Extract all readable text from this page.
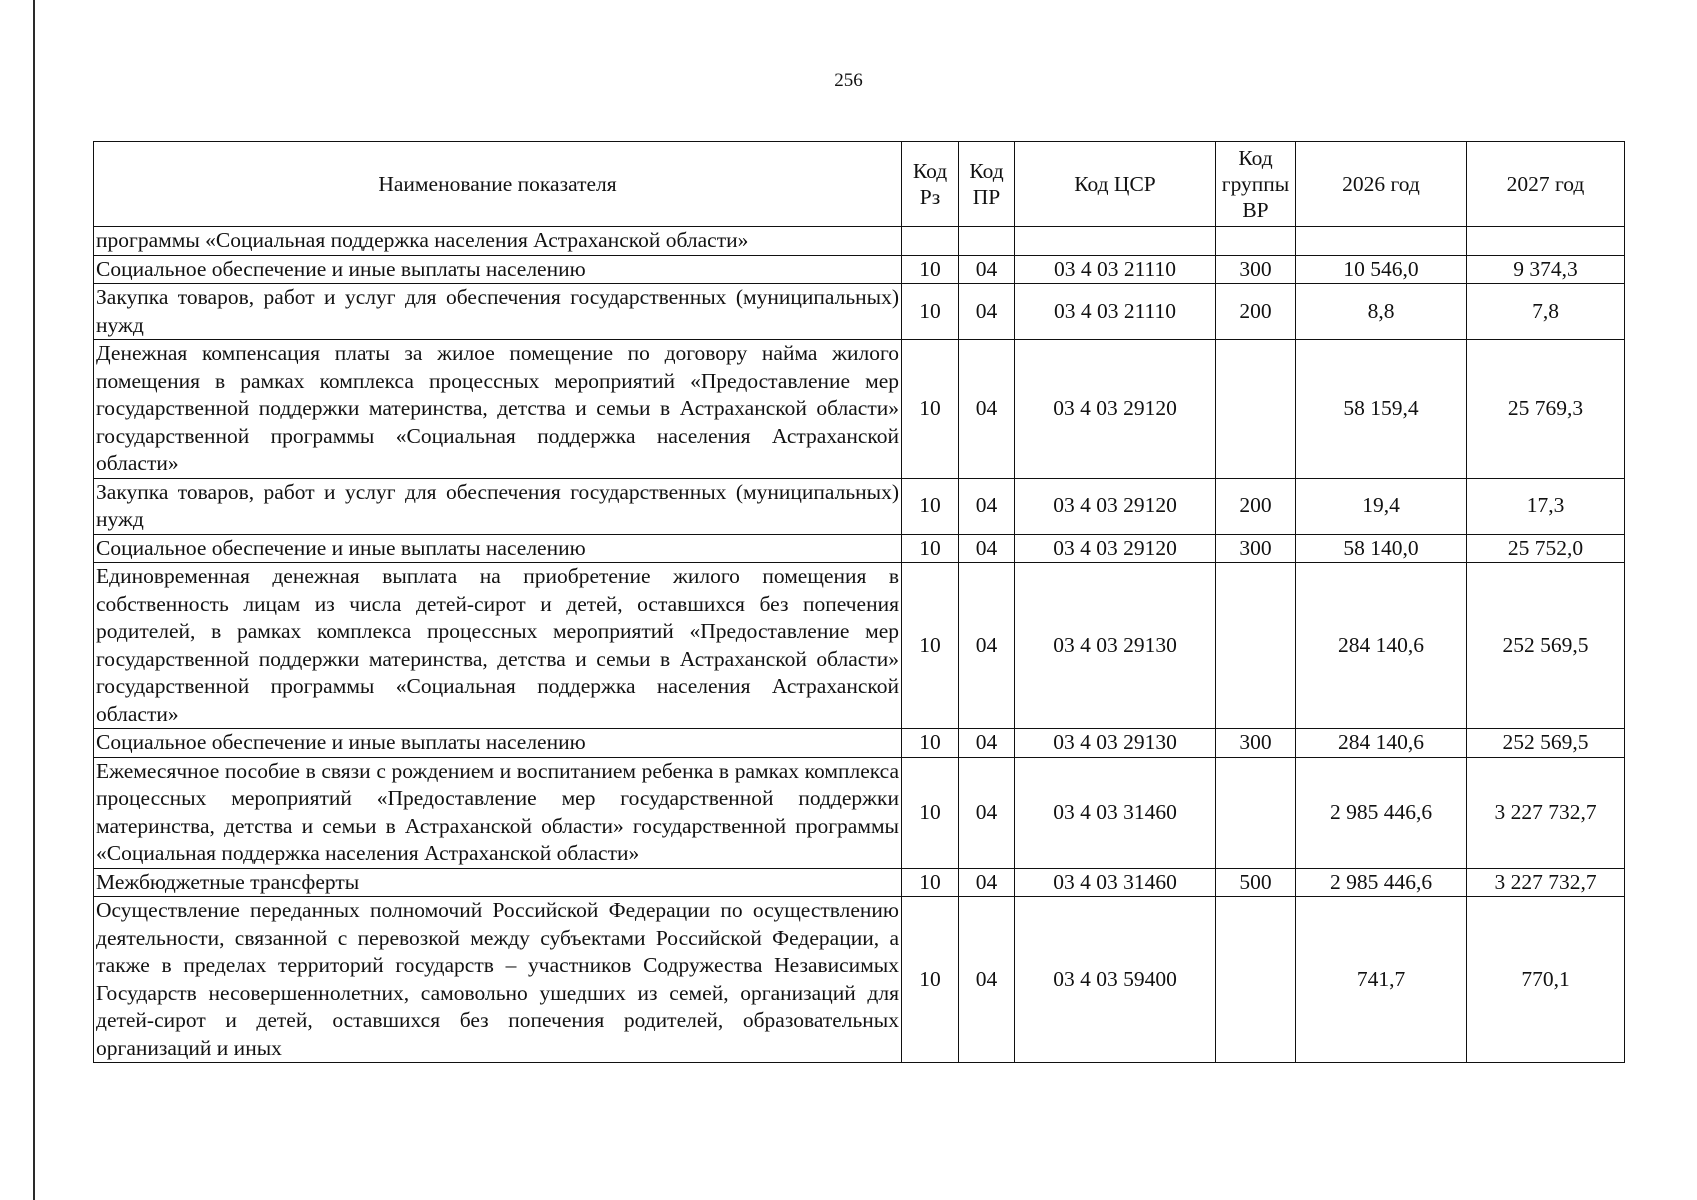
256
Наименование показателя	Код Рз	Код ПР	Код ЦСР	Код группы ВР	2026 год	2027 год
программы «Социальная поддержка населения Астраханской области»						
Социальное обеспечение и иные выплаты населению	10	04	03 4 03 21110	300	10 546,0	9 374,3
Закупка товаров, работ и услуг для обеспечения государственных (муниципальных) нужд	10	04	03 4 03 21110	200	8,8	7,8
Денежная компенсация платы за жилое помещение по договору найма жилого помещения в рамках комплекса процессных мероприятий «Предоставление мер государственной поддержки материнства, детства и семьи в Астраханской области» государственной программы «Социальная поддержка населения Астраханской области»	10	04	03 4 03 29120		58 159,4	25 769,3
Закупка товаров, работ и услуг для обеспечения государственных (муниципальных) нужд	10	04	03 4 03 29120	200	19,4	17,3
Социальное обеспечение и иные выплаты населению	10	04	03 4 03 29120	300	58 140,0	25 752,0
Единовременная денежная выплата на приобретение жилого помещения в собственность лицам из числа детей-сирот и детей, оставшихся без попечения родителей, в рамках комплекса процессных мероприятий «Предоставление мер государственной поддержки материнства, детства и семьи в Астраханской области» государственной программы «Социальная поддержка населения Астраханской области»	10	04	03 4 03 29130		284 140,6	252 569,5
Социальное обеспечение и иные выплаты населению	10	04	03 4 03 29130	300	284 140,6	252 569,5
Ежемесячное пособие в связи с рождением и воспитанием ребенка в рамках комплекса процессных мероприятий «Предоставление мер государственной поддержки материнства, детства и семьи в Астраханской области» государственной программы «Социальная поддержка населения Астраханской области»	10	04	03 4 03 31460		2 985 446,6	3 227 732,7
Межбюджетные трансферты	10	04	03 4 03 31460	500	2 985 446,6	3 227 732,7
Осуществление переданных полномочий Российской Федерации по осуществлению деятельности, связанной с перевозкой между субъектами Российской Федерации, а также в пределах территорий государств – участников Содружества Независимых Государств несовершеннолетних, самовольно ушедших из семей, организаций для детей-сирот и детей, оставшихся без попечения родителей, образовательных организаций и иных	10	04	03 4 03 59400		741,7	770,1
